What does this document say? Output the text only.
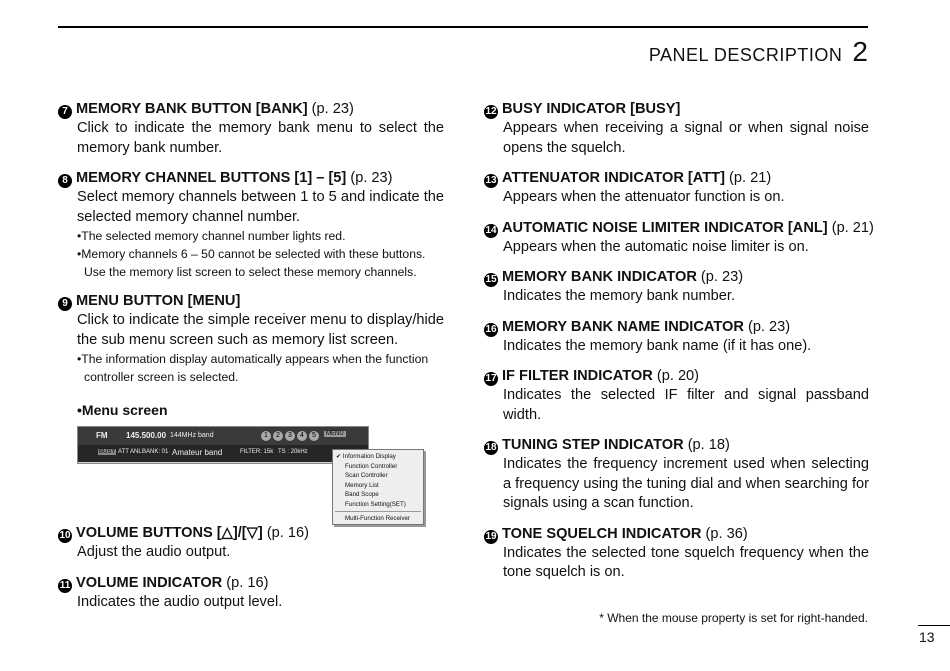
PANEL DESCRIPTION 2
7 MEMORY BANK BUTTON [BANK] (p. 23)
Click to indicate the memory bank menu to select the memory bank number.
8 MEMORY CHANNEL BUTTONS [1] – [5] (p. 23)
Select memory channels between 1 to 5 and indicate the selected memory channel number.
•The selected memory channel number lights red.
•Memory channels 6 – 50 cannot be selected with these buttons.
Use the memory list screen to select these memory channels.
9 MENU BUTTON [MENU]
Click to indicate the simple receiver menu to display/hide the sub menu screen such as memory list screen.
•The information display automatically appears when the function
controller screen is selected.
•Menu screen
FM 145.500.00 144MHz band	1	2	3	4	5	MENU
BUSY ATT ANL BANK: 01 Amateur band	FILTER: 15k TS : 20kHz
✔ Information Display
Function Controller
Scan Controller
Memory List
Band Scope
Function Setting(SET)
Multi-Function Receiver
10 VOLUME BUTTONS [△]/[▽] (p. 16)
Adjust the audio output.
11 VOLUME INDICATOR (p. 16)
Indicates the audio output level.
12 BUSY INDICATOR [BUSY]
Appears when receiving a signal or when signal noise opens the squelch.
13 ATTENUATOR INDICATOR [ATT] (p. 21)
Appears when the attenuator function is on.
14 AUTOMATIC NOISE LIMITER INDICATOR [ANL] (p. 21)
Appears when the automatic noise limiter is on.
15 MEMORY BANK INDICATOR (p. 23)
Indicates the memory bank number.
16 MEMORY BANK NAME INDICATOR (p. 23)
Indicates the memory bank name (if it has one).
17 IF FILTER INDICATOR (p. 20)
Indicates the selected IF filter and signal passband width.
18 TUNING STEP INDICATOR (p. 18)
Indicates the frequency increment used when selecting a frequency using the tuning dial and when searching for signals using a scan function.
19 TONE SQUELCH INDICATOR (p. 36)
Indicates the selected tone squelch frequency when the tone squelch is on.
* When the mouse property is set for right-handed.
13
